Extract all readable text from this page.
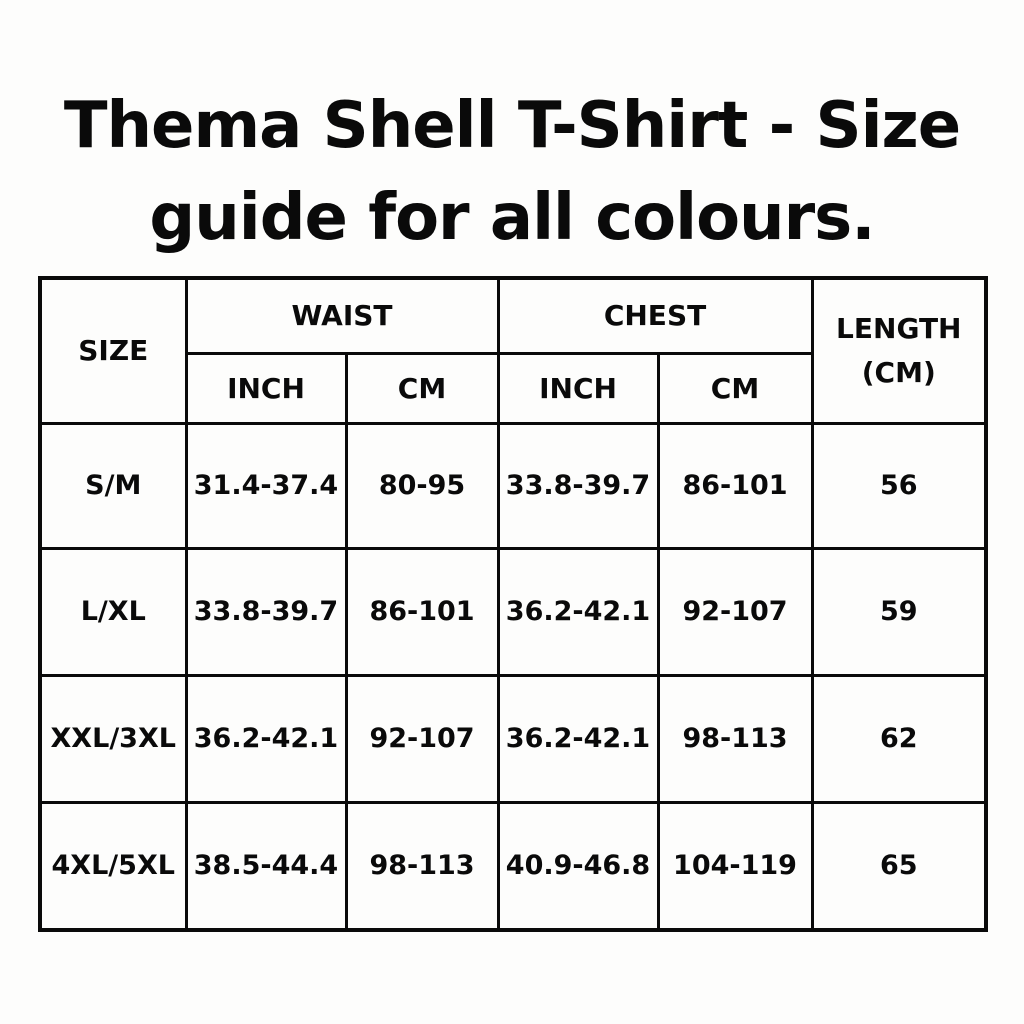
Thema Shell T-Shirt - Size
guide for all colours.
SIZE	WAIST		CHEST		LENGTH
(CM)
	INCH	CM	INCH	CM	
S/M	31.4-37.4	80-95	33.8-39.7	86-101	56
L/XL	33.8-39.7	86-101	36.2-42.1	92-107	59
XXL/3XL	36.2-42.1	92-107	36.2-42.1	98-113	62
4XL/5XL	38.5-44.4	98-113	40.9-46.8	104-119	65
